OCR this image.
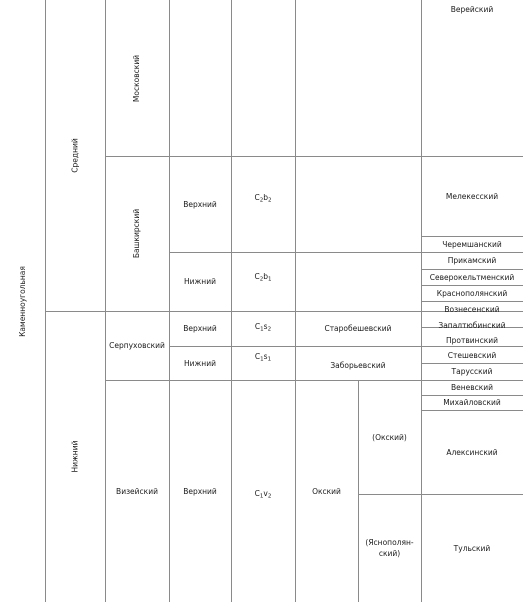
Каменноугольная
Средний
Нижний
Московский
Башкирский
Серпуховский
Визейский
Верхний
Нижний
Верхний
Нижний
Верхний
$C_2b_2$
$C_2b_1$
$C_1s_2$
$C_1s_1$
$C_1v_2$
Старобешевский
Заборьевский
Окский
(Окский)
(Яснополян-ский)
Верейский
Мелекесский
Черемшанский
Прикамский
Северокельтменский
Краснополянский
Вознесенский
Запалтюбинский
Протвинский
Стешевский
Тарусский
Веневский
Михайловский
Алексинский
Тульский
